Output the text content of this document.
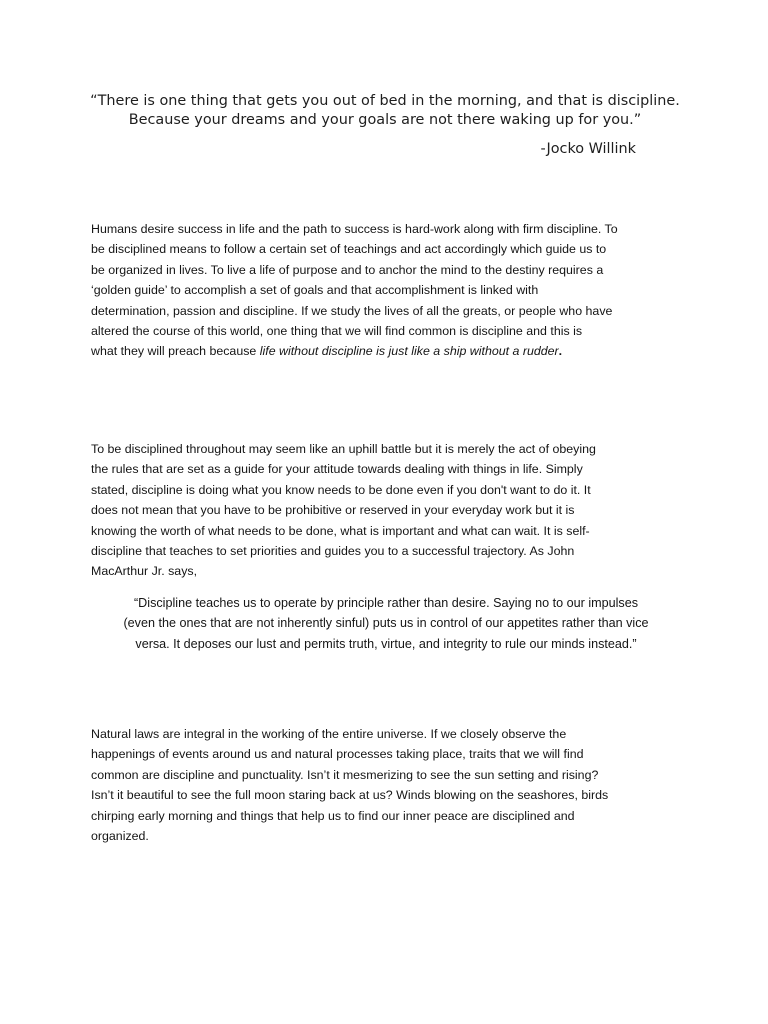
“There is one thing that gets you out of bed in the morning, and that is discipline.
Because your dreams and your goals are not there waking up for you.”
-Jocko Willink
Humans desire success in life and the path to success is hard-work along with firm discipline. To
be disciplined means to follow a certain set of teachings and act accordingly which guide us to
be organized in lives. To live a life of purpose and to anchor the mind to the destiny requires a
‘golden guide’ to accomplish a set of goals and that accomplishment is linked with
determination, passion and discipline. If we study the lives of all the greats, or people who have
altered the course of this world, one thing that we will find common is discipline and this is
what they will preach because life without discipline is just like a ship without a rudder.
To be disciplined throughout may seem like an uphill battle but it is merely the act of obeying
the rules that are set as a guide for your attitude towards dealing with things in life. Simply
stated, discipline is doing what you know needs to be done even if you don't want to do it. It
does not mean that you have to be prohibitive or reserved in your everyday work but it is
knowing the worth of what needs to be done, what is important and what can wait. It is self-
discipline that teaches to set priorities and guides you to a successful trajectory. As John
MacArthur Jr. says,
“Discipline teaches us to operate by principle rather than desire. Saying no to our impulses
(even the ones that are not inherently sinful) puts us in control of our appetites rather than vice
versa. It deposes our lust and permits truth, virtue, and integrity to rule our minds instead.”
Natural laws are integral in the working of the entire universe. If we closely observe the
happenings of events around us and natural processes taking place, traits that we will find
common are discipline and punctuality. Isn’t it mesmerizing to see the sun setting and rising?
Isn’t it beautiful to see the full moon staring back at us? Winds blowing on the seashores, birds
chirping early morning and things that help us to find our inner peace are disciplined and
organized.
